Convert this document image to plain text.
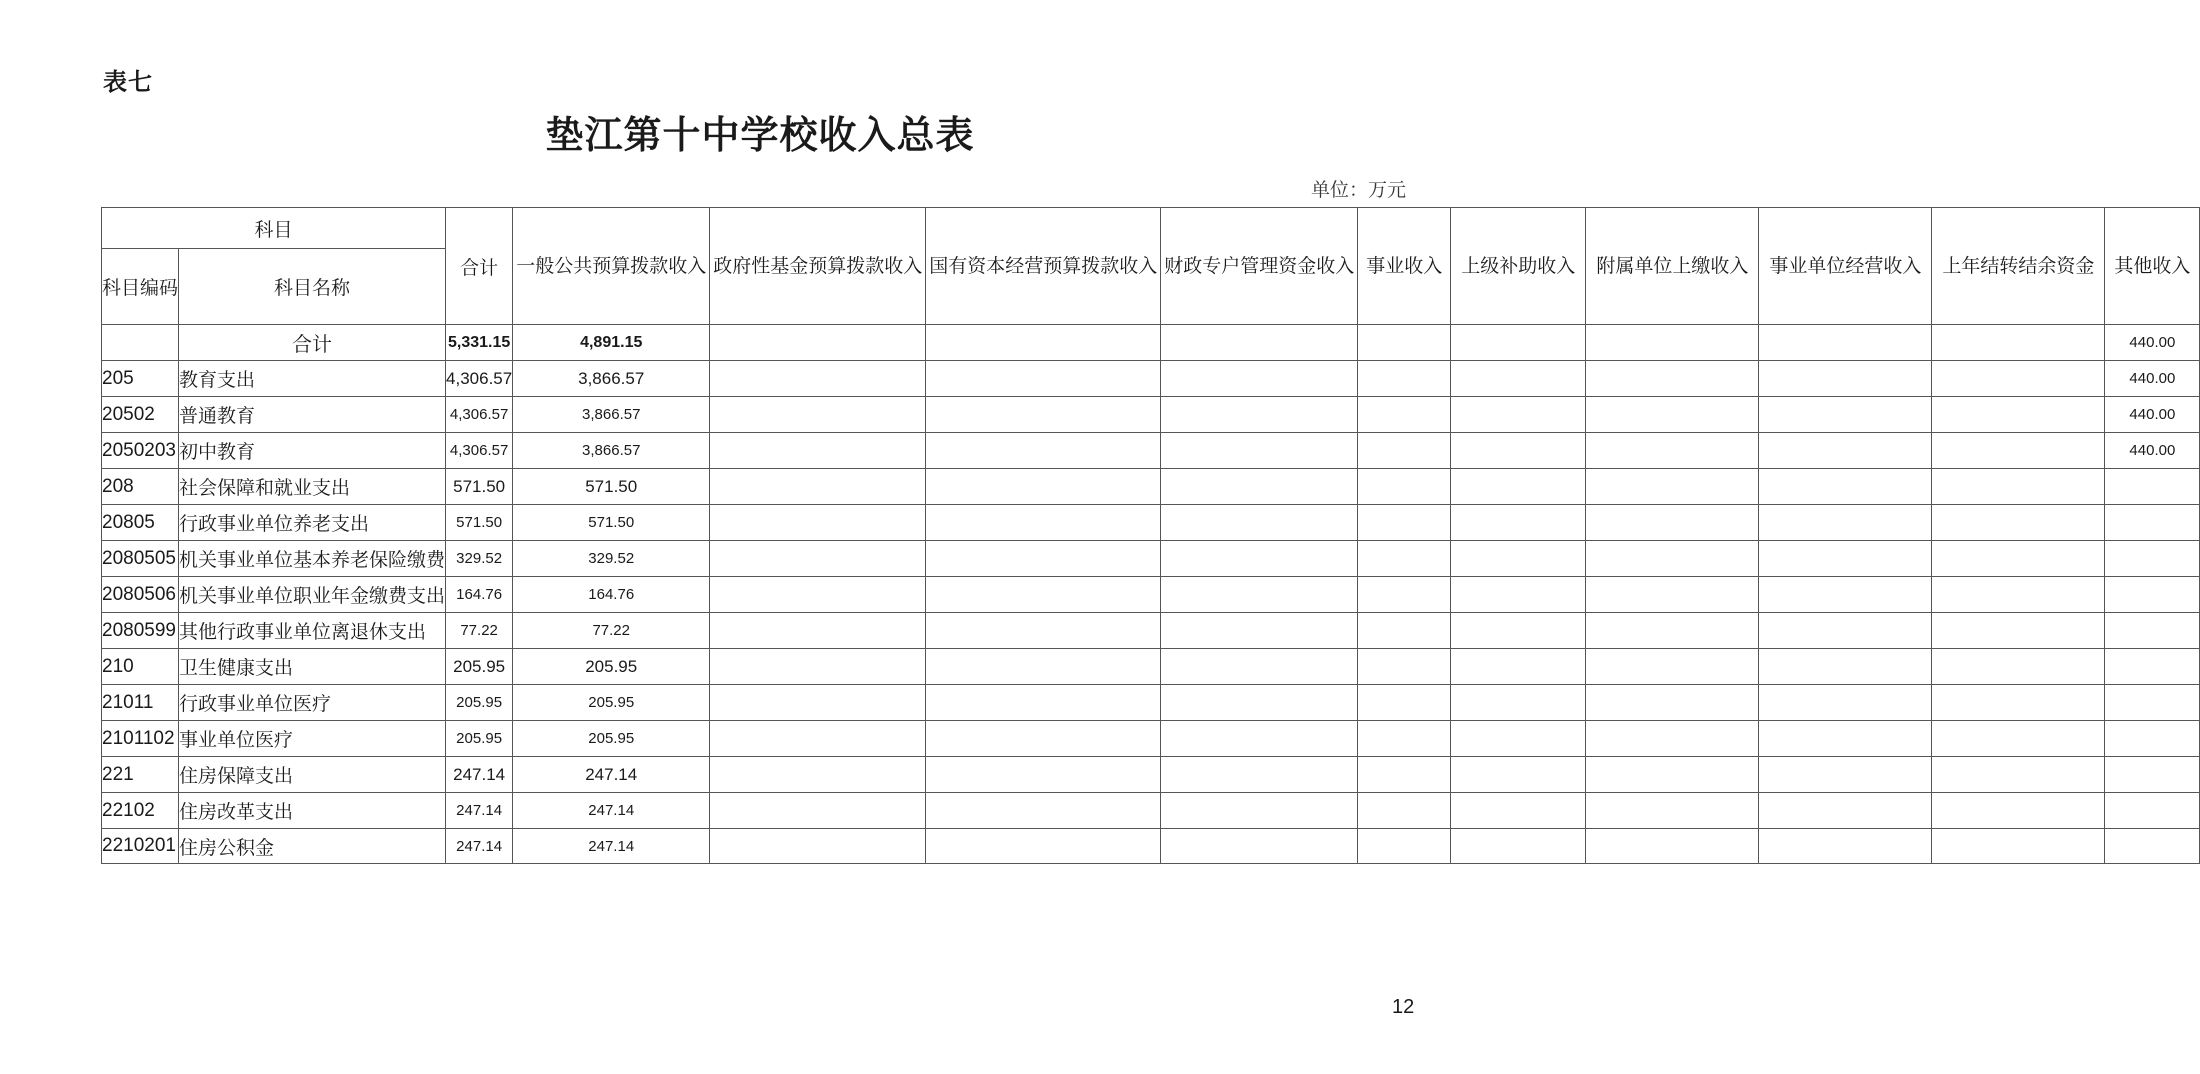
表七
垫江第十中学校收入总表
单位：万元
科目		合计	一般公共预算拨款收入	政府性基金预算拨款收入	国有资本经营预算拨款收入	财政专户管理资金收入	事业收入	上级补助收入	附属单位上缴收入	事业单位经营收入	上年结转结余资金	其他收入

科目编码	科目名称											
	合计	5,331.15	4,891.15									440.00
205	教育支出	4,306.57	3,866.57									440.00
20502	普通教育	4,306.57	3,866.57									440.00
2050203	初中教育	4,306.57	3,866.57									440.00
208	社会保障和就业支出	571.50	571.50									
20805	行政事业单位养老支出	571.50	571.50									
2080505	机关事业单位基本养老保险缴费	329.52	329.52									
2080506	机关事业单位职业年金缴费支出	164.76	164.76									
2080599	其他行政事业单位离退休支出	77.22	77.22									
210	卫生健康支出	205.95	205.95									
21011	行政事业单位医疗	205.95	205.95									
2101102	事业单位医疗	205.95	205.95									
221	住房保障支出	247.14	247.14									
22102	住房改革支出	247.14	247.14									
2210201	住房公积金	247.14	247.14									
12
